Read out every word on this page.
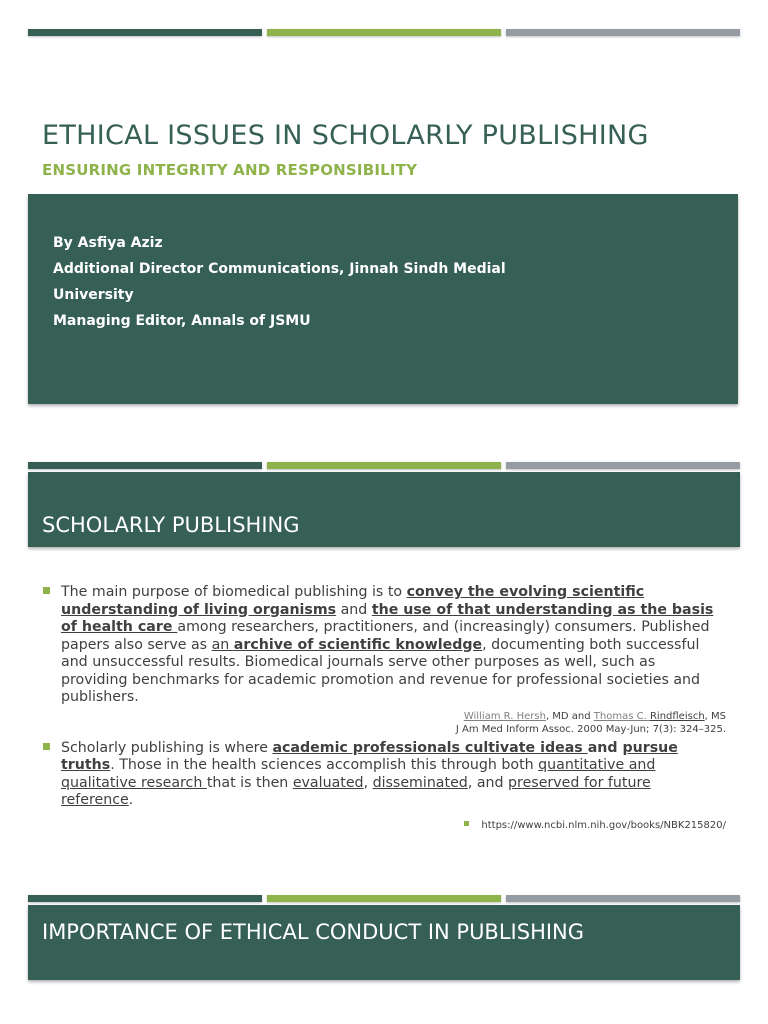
ETHICAL ISSUES IN SCHOLARLY PUBLISHING

ENSURING INTEGRITY AND RESPONSIBILITY

By Asfiya Aziz
Additional Director Communications, Jinnah Sindh Medial
University
Managing Editor, Annals of JSMU
SCHOLARLY PUBLISHING
The main purpose of biomedical publishing is to convey the evolving scientific understanding of living organisms and the use of that understanding as the basis of health care among researchers, practitioners, and (increasingly) consumers. Published papers also serve as an archive of scientific knowledge, documenting both successful and unsuccessful results. Biomedical journals serve other purposes as well, such as providing benchmarks for academic promotion and revenue for professional societies and publishers.
William R. Hersh, MD and Thomas C. Rindfleisch, MS
J Am Med Inform Assoc. 2000 May-Jun; 7(3): 324–325.
Scholarly publishing is where academic professionals cultivate ideas and pursue truths. Those in the health sciences accomplish this through both quantitative and qualitative research that is then evaluated, disseminated, and preserved for future reference.
https://www.ncbi.nlm.nih.gov/books/NBK215820/
IMPORTANCE OF ETHICAL CONDUCT IN PUBLISHING
